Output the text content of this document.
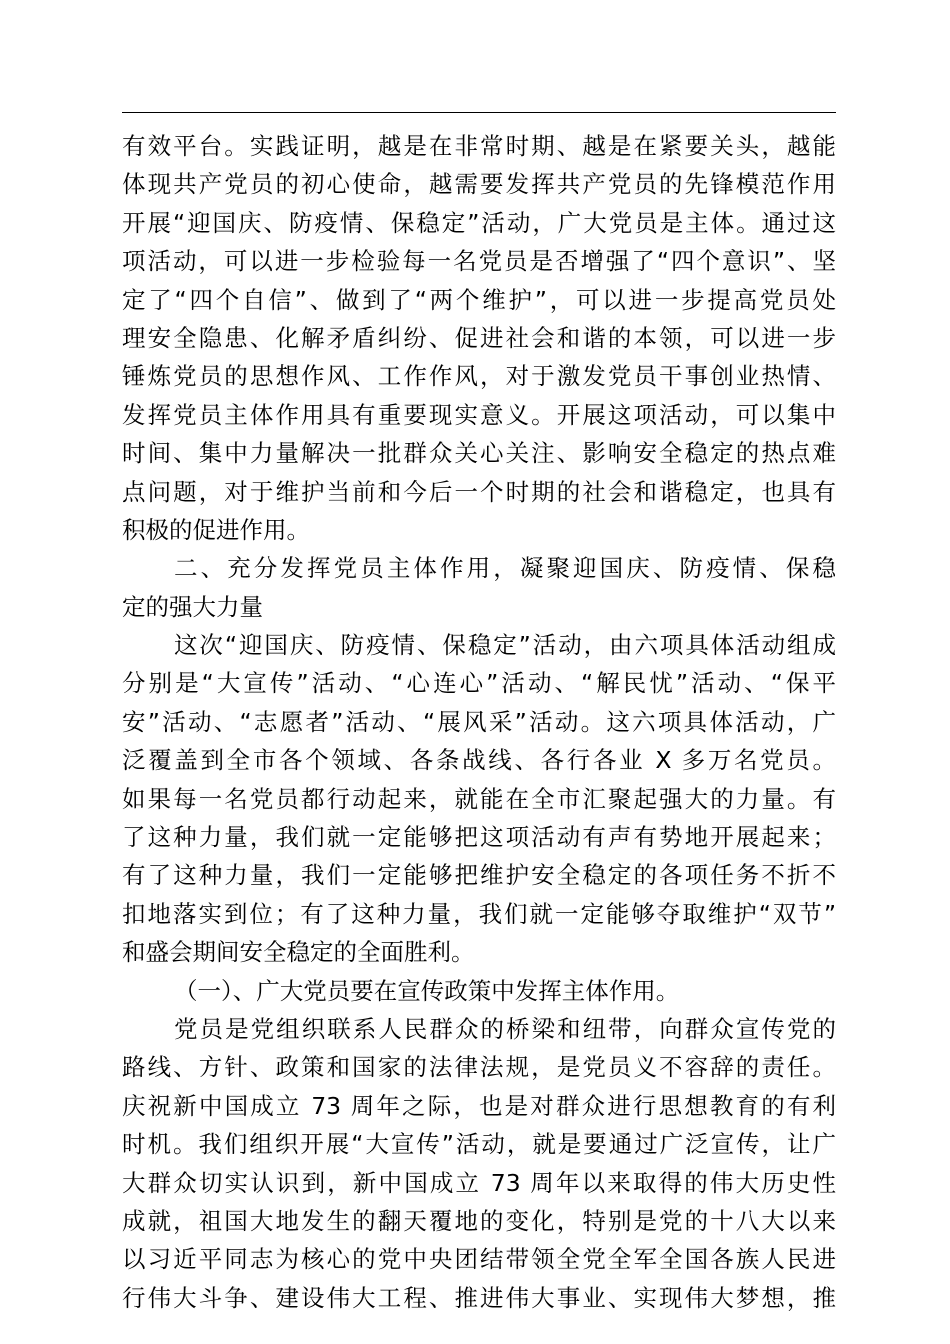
有效平台。实践证明，越是在非常时期、越是在紧要关头，越能
体现共产党员的初心使命，越需要发挥共产党员的先锋模范作用
开展“迎国庆、防疫情、保稳定”活动，广大党员是主体。通过这
项活动，可以进一步检验每一名党员是否增强了“四个意识”、坚
定了“四个自信”、做到了“两个维护”，可以进一步提高党员处
理安全隐患、化解矛盾纠纷、促进社会和谐的本领，可以进一步
锤炼党员的思想作风、工作作风，对于激发党员干事创业热情、
发挥党员主体作用具有重要现实意义。开展这项活动，可以集中
时间、集中力量解决一批群众关心关注、影响安全稳定的热点难
点问题，对于维护当前和今后一个时期的社会和谐稳定，也具有
积极的促进作用。
二、充分发挥党员主体作用，凝聚迎国庆、防疫情、保稳
定的强大力量
这次“迎国庆、防疫情、保稳定”活动，由六项具体活动组成
分别是“大宣传”活动、“心连心”活动、“解民忧”活动、“保平
安”活动、“志愿者”活动、“展风采”活动。这六项具体活动，广
泛覆盖到全市各个领域、各条战线、各行各业 X 多万名党员。
如果每一名党员都行动起来，就能在全市汇聚起强大的力量。有
了这种力量，我们就一定能够把这项活动有声有势地开展起来；
有了这种力量，我们一定能够把维护安全稳定的各项任务不折不
扣地落实到位；有了这种力量，我们就一定能够夺取维护“双节”
和盛会期间安全稳定的全面胜利。
（一）、广大党员要在宣传政策中发挥主体作用。
党员是党组织联系人民群众的桥梁和纽带，向群众宣传党的
路线、方针、政策和国家的法律法规，是党员义不容辞的责任。
庆祝新中国成立 73 周年之际，也是对群众进行思想教育的有利
时机。我们组织开展“大宣传”活动，就是要通过广泛宣传，让广
大群众切实认识到，新中国成立 73 周年以来取得的伟大历史性
成就，祖国大地发生的翻天覆地的变化，特别是党的十八大以来
以习近平同志为核心的党中央团结带领全党全军全国各族人民进
行伟大斗争、建设伟大工程、推进伟大事业、实现伟大梦想，推
